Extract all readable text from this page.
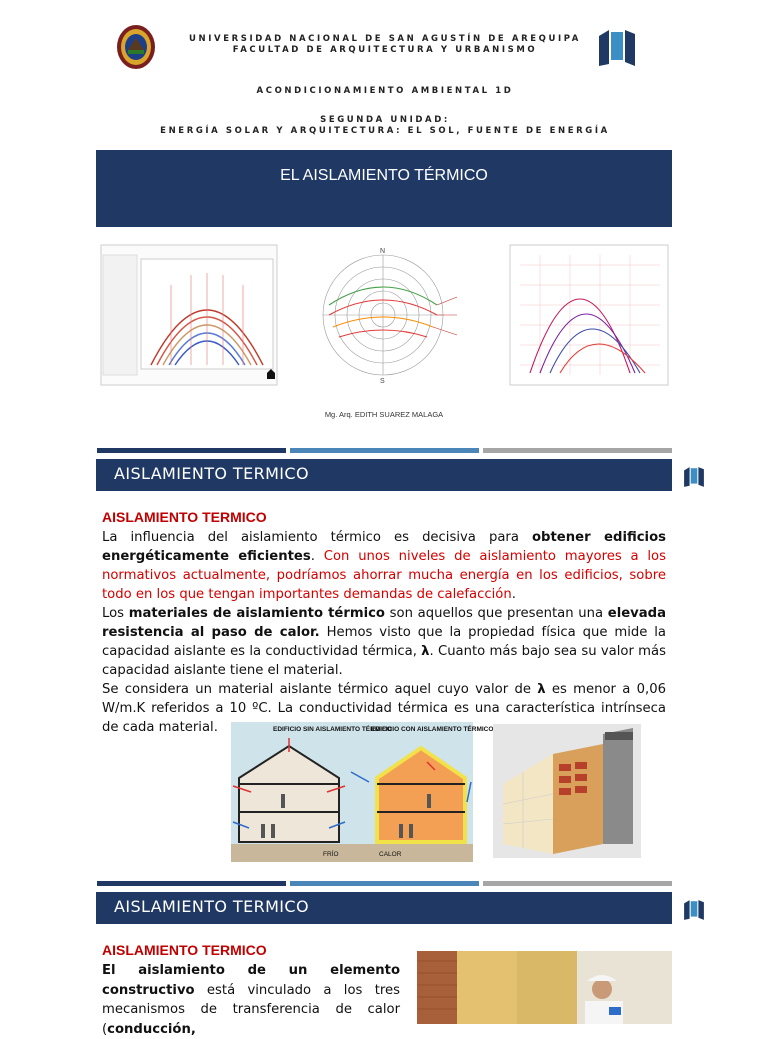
UNIVERSIDAD NACIONAL DE SAN AGUSTÍN DE AREQUIPA
FACULTAD DE ARQUITECTURA Y URBANISMO
ACONDICIONAMIENTO AMBIENTAL 1D
SEGUNDA UNIDAD:
ENERGÍA SOLAR Y ARQUITECTURA: EL SOL, FUENTE DE ENERGÍA
EL AISLAMIENTO TÉRMICO
N
S
Mg. Arq. EDITH SUAREZ MALAGA
AISLAMIENTO TERMICO
AISLAMIENTO TERMICO
La influencia del aislamiento térmico es decisiva para obtener edificios energéticamente eficientes. Con unos niveles de aislamiento mayores a los normativos actualmente, podríamos ahorrar mucha energía en los edificios, sobre todo en los que tengan importantes demandas de calefacción.
Los materiales de aislamiento térmico son aquellos que presentan una elevada resistencia al paso de calor. Hemos visto que la propiedad física que mide la capacidad aislante es la conductividad térmica, λ. Cuanto más bajo sea su valor más capacidad aislante tiene el material.
Se considera un material aislante térmico aquel cuyo valor de λ es menor a 0,06 W/m.K referidos a 10 ºC. La conductividad térmica es una característica intrínseca de cada material.	EDIFICIO SIN AISLAMIENTO TÉRMICO
EDIFICIO CON AISLAMIENTO TÉRMICO
FRÍO	CALOR
AISLAMIENTO TERMICO
AISLAMIENTO TERMICO
El aislamiento de un elemento constructivo está vinculado a los tres mecanismos de transferencia de calor (conducción,
